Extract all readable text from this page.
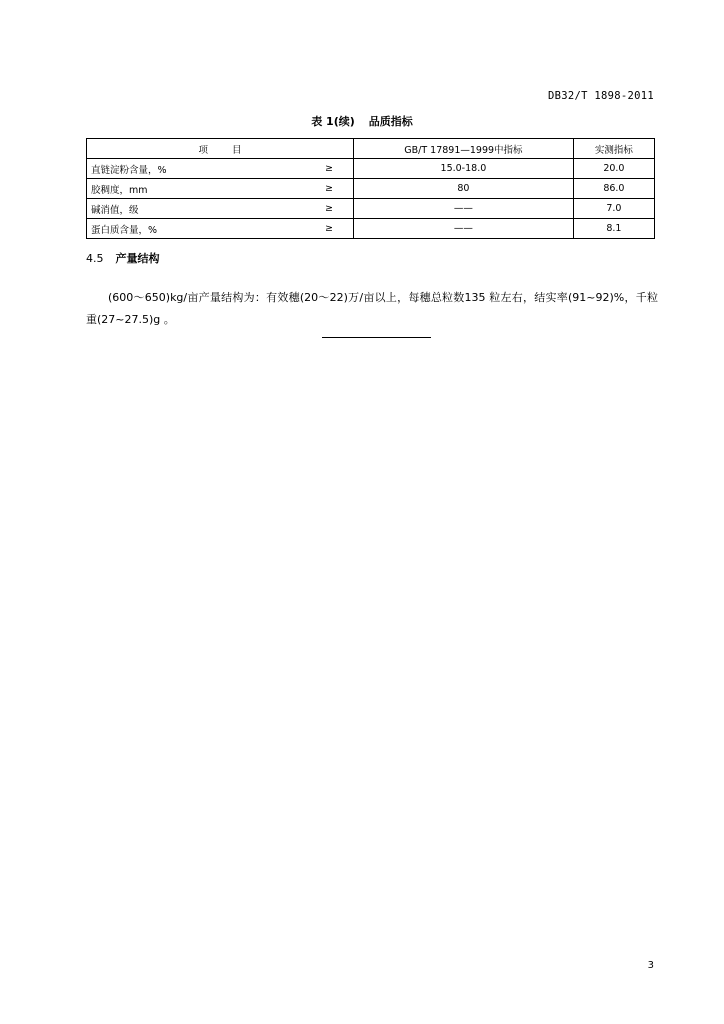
DB32/T 1898-2011
表 1(续) 品质指标
项 目		GB/T 17891—1999中指标	实测指标
直链淀粉含量，%	≥	15.0-18.0	20.0
胶稠度，mm	≥	80	86.0
碱消值，级	≥	——	7.0
蛋白质含量，%	≥	——	8.1
4.5 产量结构

(600～650)kg/亩产量结构为：有效穗(20～22)万/亩以上，每穗总粒数135 粒左右，结实率(91~92)%，千粒重(27~27.5)g 。

3
